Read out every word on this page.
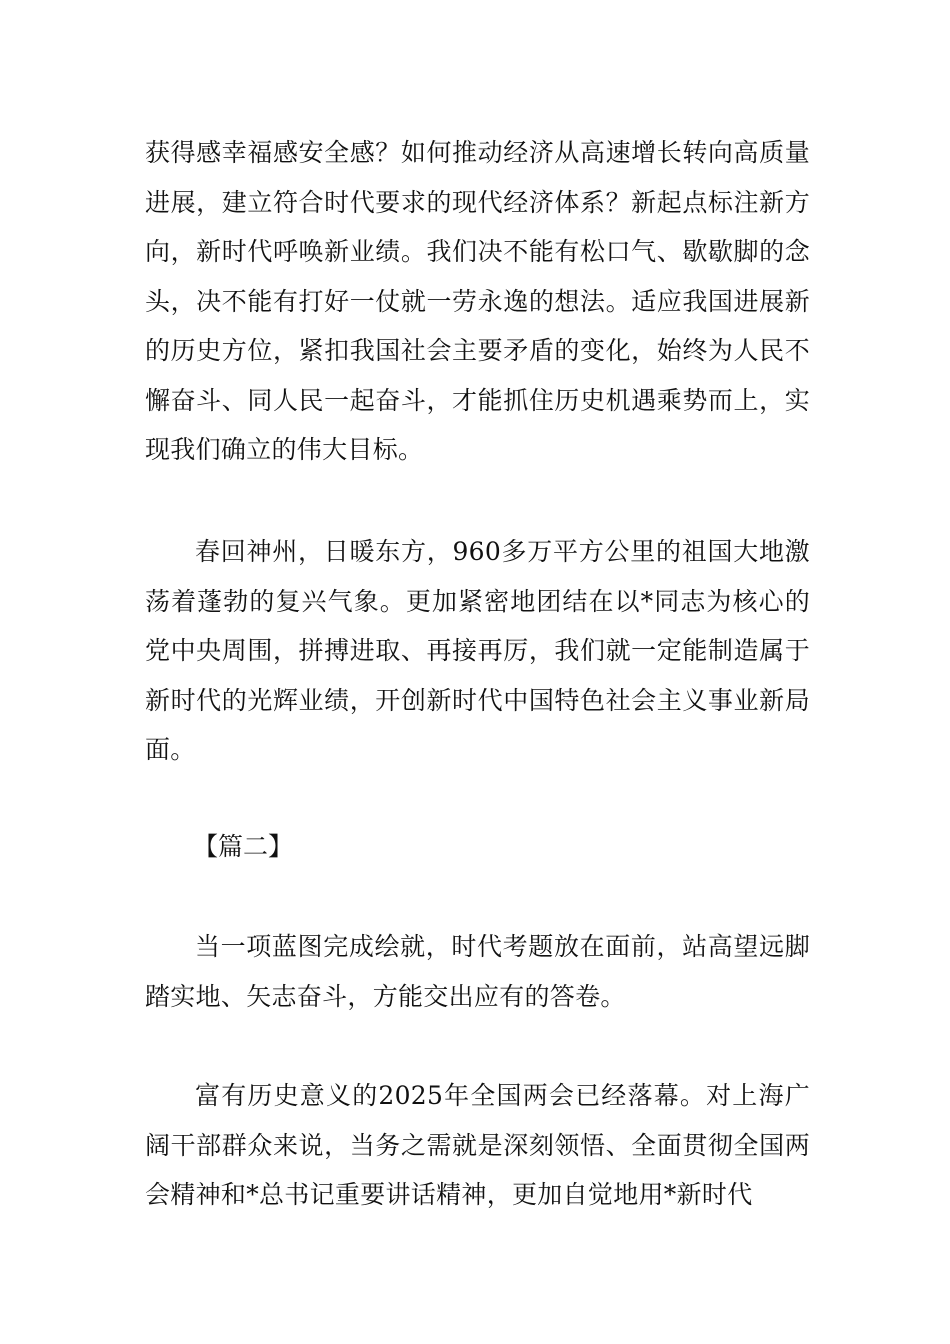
获得感幸福感安全感？如何推动经济从高速增长转向高质量进展，建立符合时代要求的现代经济体系？新起点标注新方向，新时代呼唤新业绩。我们决不能有松口气、歇歇脚的念头，决不能有打好一仗就一劳永逸的想法。适应我国进展新的历史方位，紧扣我国社会主要矛盾的变化，始终为人民不懈奋斗、同人民一起奋斗，才能抓住历史机遇乘势而上，实现我们确立的伟大目标。

春回神州，日暖东方，960多万平方公里的祖国大地激荡着蓬勃的复兴气象。更加紧密地团结在以*同志为核心的党中央周围，拼搏进取、再接再厉，我们就一定能制造属于新时代的光辉业绩，开创新时代中国特色社会主义事业新局面。

【篇二】

当一项蓝图完成绘就，时代考题放在面前，站高望远脚踏实地、矢志奋斗，方能交出应有的答卷。

富有历史意义的2025年全国两会已经落幕。对上海广阔干部群众来说，当务之需就是深刻领悟、全面贯彻全国两会精神和*总书记重要讲话精神，更加自觉地用*新时代
